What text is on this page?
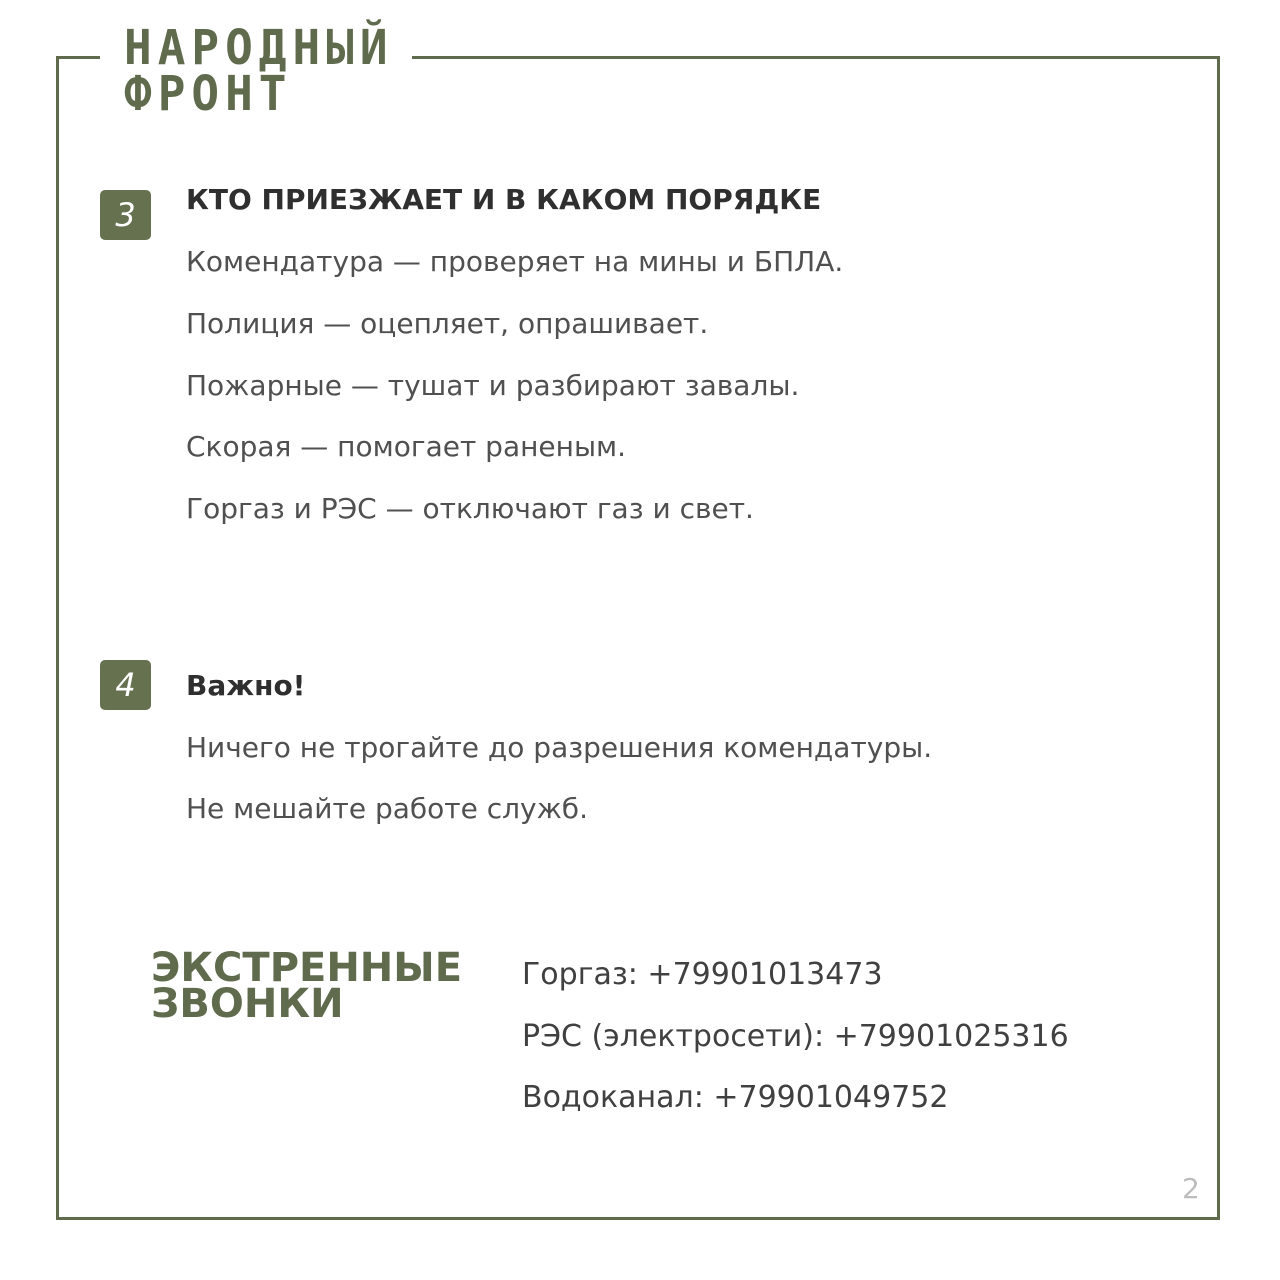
НАРОДНЫЙ
ФРОНТ
3	КТО ПРИЕЗЖАЕТ И В КАКОМ ПОРЯДКЕ
Комендатура — проверяет на мины и БПЛА.
Полиция — оцепляет, опрашивает.
Пожарные — тушат и разбирают завалы.
Скорая — помогает раненым.
Горгаз и РЭС — отключают газ и свет.
4	Важно!
Ничего не трогайте до разрешения комендатуры.
Не мешайте работе служб.
ЭКСТРЕННЫЕ
ЗВОНКИ
Горгаз: +79901013473
РЭС (электросети): +79901025316
Водоканал: +79901049752
2
